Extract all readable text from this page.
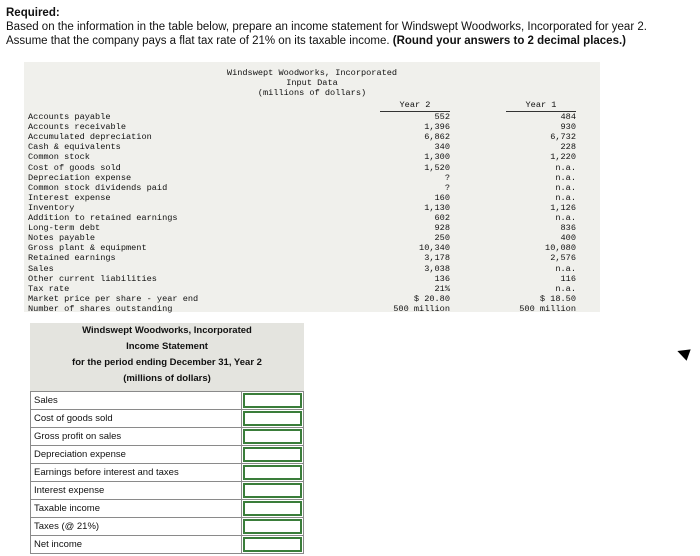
Required:
Based on the information in the table below, prepare an income statement for Windswept Woodworks, Incorporated for year 2.
Assume that the company pays a flat tax rate of 21% on its taxable income. (Round your answers to 2 decimal places.)
Windswept Woodworks, Incorporated
Input Data
(millions of dollars)
Year 2	Year 1
Accounts payable	552	484
Accounts receivable	1,396	930
Accumulated depreciation	6,862	6,732
Cash & equivalents	340	228
Common stock	1,300	1,220
Cost of goods sold	1,520	n.a.
Depreciation expense	?	n.a.
Common stock dividends paid	?	n.a.
Interest expense	160	n.a.
Inventory	1,130	1,126
Addition to retained earnings	602	n.a.
Long-term debt	928	836
Notes payable	250	400
Gross plant & equipment	10,340	10,080
Retained earnings	3,178	2,576
Sales	3,038	n.a.
Other current liabilities	136	116
Tax rate	21%	n.a.
Market price per share - year end	$ 20.80	$ 18.50
Number of shares outstanding	500 million	500 million
Windswept Woodworks, Incorporated
Income Statement
for the period ending December 31, Year 2
(millions of dollars)
Sales	

Cost of goods sold	

Gross profit on sales	

Depreciation expense	

Earnings before interest and taxes	

Interest expense	

Taxable income	

Taxes (@ 21%)	

Net income	
